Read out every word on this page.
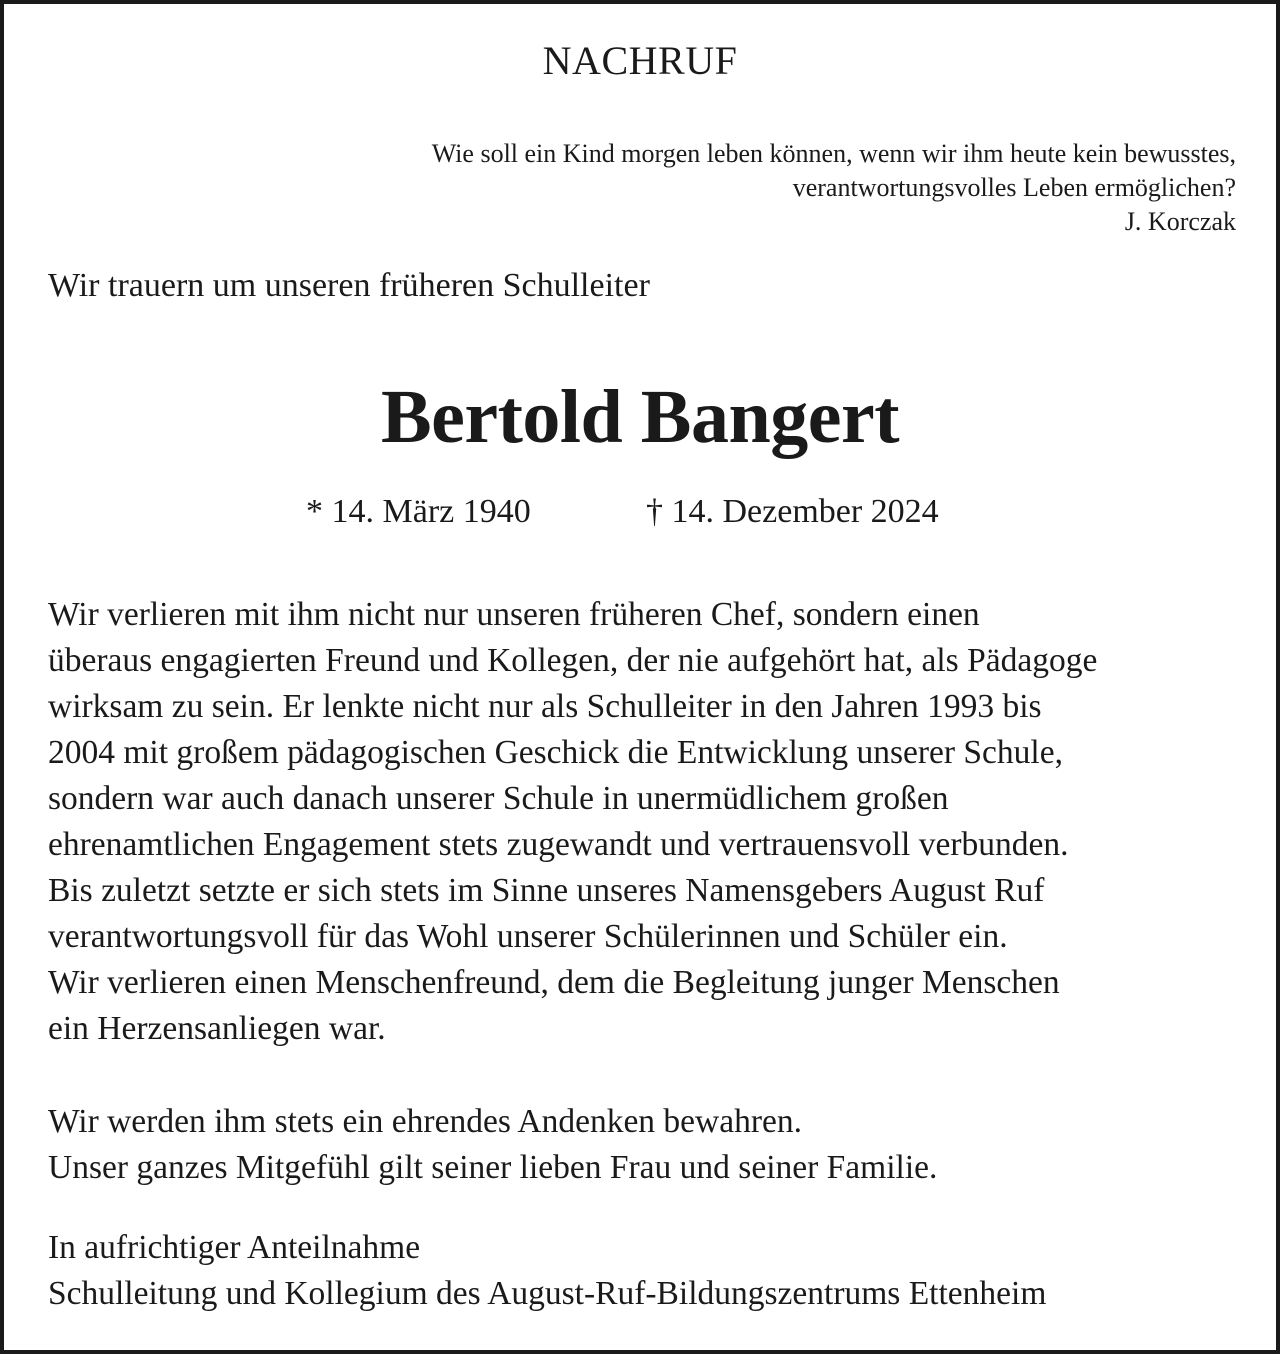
NACHRUF
Wie soll ein Kind morgen leben können, wenn wir ihm heute kein bewusstes,
verantwortungsvolles Leben ermöglichen?
J. Korczak
Wir trauern um unseren früheren Schulleiter
Bertold Bangert
* 14. März 1940	† 14. Dezember 2024
Wir verlieren mit ihm nicht nur unseren früheren Chef, sondern einen
überaus engagierten Freund und Kollegen, der nie aufgehört hat, als Pädagoge
wirksam zu sein. Er lenkte nicht nur als Schulleiter in den Jahren 1993 bis
2004 mit großem pädagogischen Geschick die Entwicklung unserer Schule,
sondern war auch danach unserer Schule in unermüdlichem großen
ehrenamtlichen Engagement stets zugewandt und vertrauensvoll verbunden.
Bis zuletzt setzte er sich stets im Sinne unseres Namensgebers August Ruf
verantwortungsvoll für das Wohl unserer Schülerinnen und Schüler ein.
Wir verlieren einen Menschenfreund, dem die Begleitung junger Menschen
ein Herzensanliegen war.
Wir werden ihm stets ein ehrendes Andenken bewahren.
Unser ganzes Mitgefühl gilt seiner lieben Frau und seiner Familie.
In aufrichtiger Anteilnahme
Schulleitung und Kollegium des August-Ruf-Bildungszentrums Ettenheim
